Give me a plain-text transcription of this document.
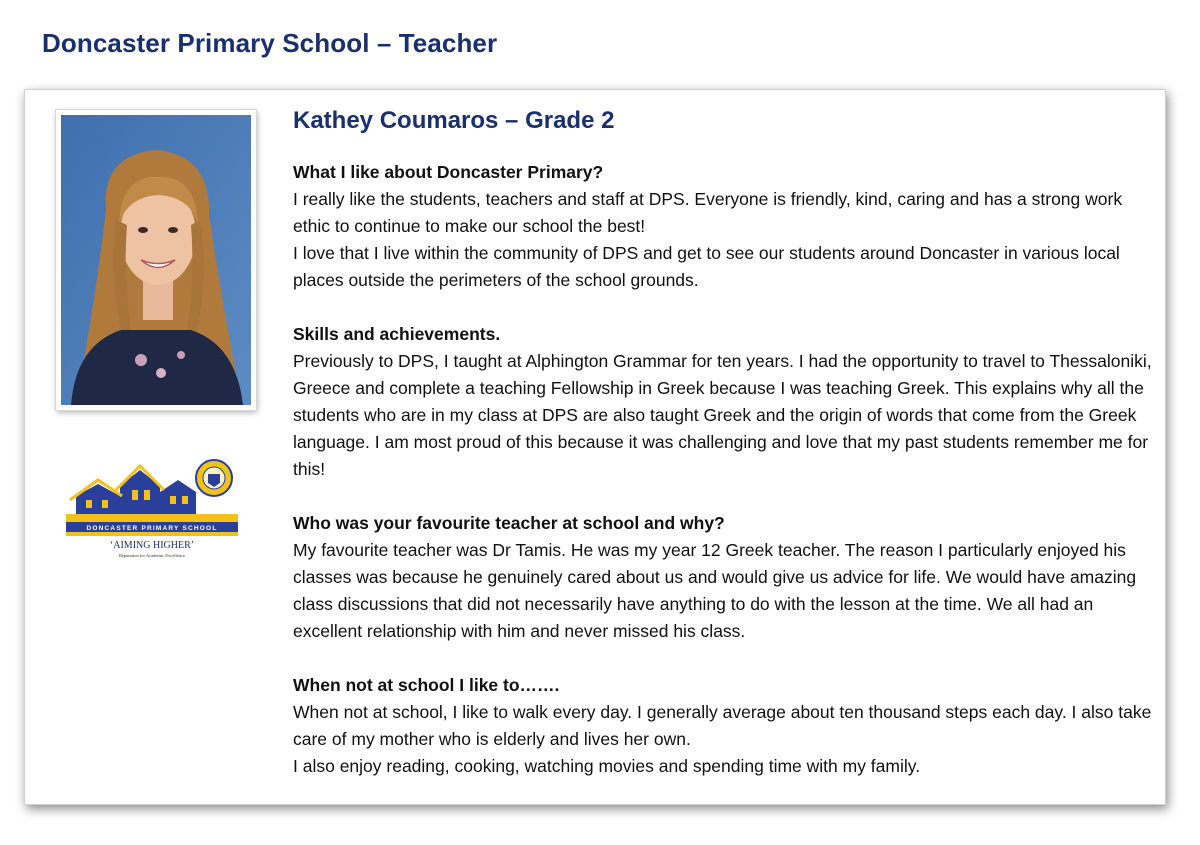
Doncaster Primary School – Teacher
DONCASTER PRIMARY SCHOOL
‘AIMING HIGHER’
Reputation for Academic Excellence
Kathey Coumaros – Grade 2
What I like about Doncaster Primary?

I really like the students, teachers and staff at DPS. Everyone is friendly, kind, caring and has a strong work ethic to continue to make our school the best!

I love that I live within the community of DPS and get to see our students around Doncaster in various local places outside the perimeters of the school grounds.

Skills and achievements.

Previously to DPS, I taught at Alphington Grammar for ten years. I had the opportunity to travel to Thessaloniki, Greece and complete a teaching Fellowship in Greek because I was teaching Greek. This explains why all the students who are in my class at DPS are also taught Greek and the origin of words that come from the Greek language. I am most proud of this because it was challenging and love that my past students remember me for this!

Who was your favourite teacher at school and why?

My favourite teacher was Dr Tamis. He was my year 12 Greek teacher. The reason I particularly enjoyed his classes was because he genuinely cared about us and would give us advice for life. We would have amazing class discussions that did not necessarily have anything to do with the lesson at the time. We all had an excellent relationship with him and never missed his class.

When not at school I like to…….

When not at school, I like to walk every day. I generally average about ten thousand steps each day. I also take care of my mother who is elderly and lives her own.

I also enjoy reading, cooking, watching movies and spending time with my family.
